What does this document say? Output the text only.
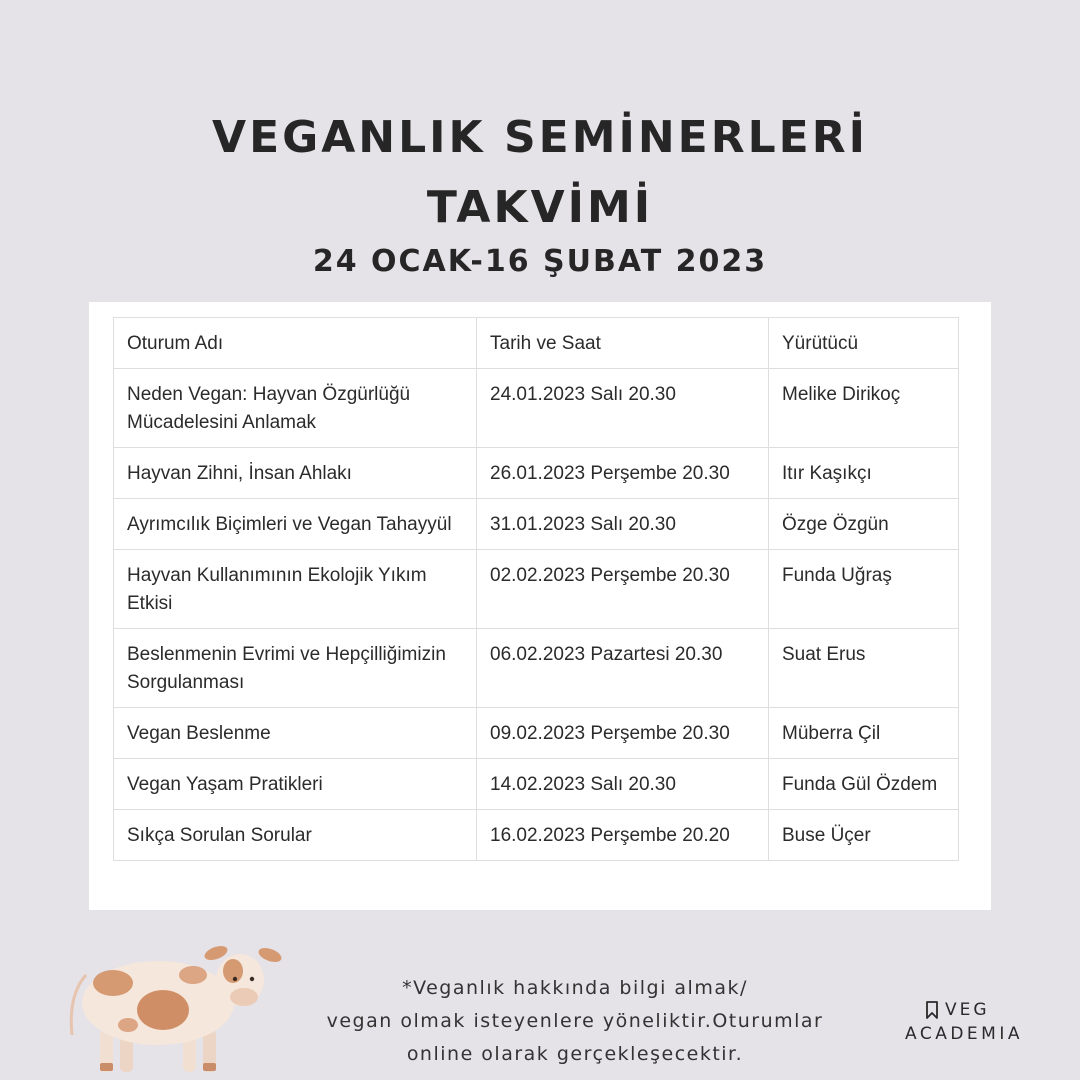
VEGANLIK SEMİNERLERİ
TAKVİMİ
24 OCAK-16 ŞUBAT 2023
Oturum Adı	Tarih ve Saat	Yürütücü
Neden Vegan: Hayvan Özgürlüğü Mücadelesini Anlamak	24.01.2023 Salı 20.30	Melike Dirikoç
Hayvan Zihni, İnsan Ahlakı	26.01.2023 Perşembe 20.30	Itır Kaşıkçı
Ayrımcılık Biçimleri ve Vegan Tahayyül	31.01.2023 Salı 20.30	Özge Özgün
Hayvan Kullanımının Ekolojik Yıkım Etkisi	02.02.2023 Perşembe 20.30	Funda Uğraş
Beslenmenin Evrimi ve Hepçilliğimizin Sorgulanması	06.02.2023 Pazartesi 20.30	Suat Erus
Vegan Beslenme	09.02.2023 Perşembe 20.30	Müberra Çil
Vegan Yaşam Pratikleri	14.02.2023 Salı 20.30	Funda Gül Özdem
Sıkça Sorulan Sorular	16.02.2023 Perşembe 20.20	Buse Üçer
*Veganlık hakkında bilgi almak/
vegan olmak isteyenlere yöneliktir.Oturumlar
online olarak gerçekleşecektir.
VEG
ACADEMIA
